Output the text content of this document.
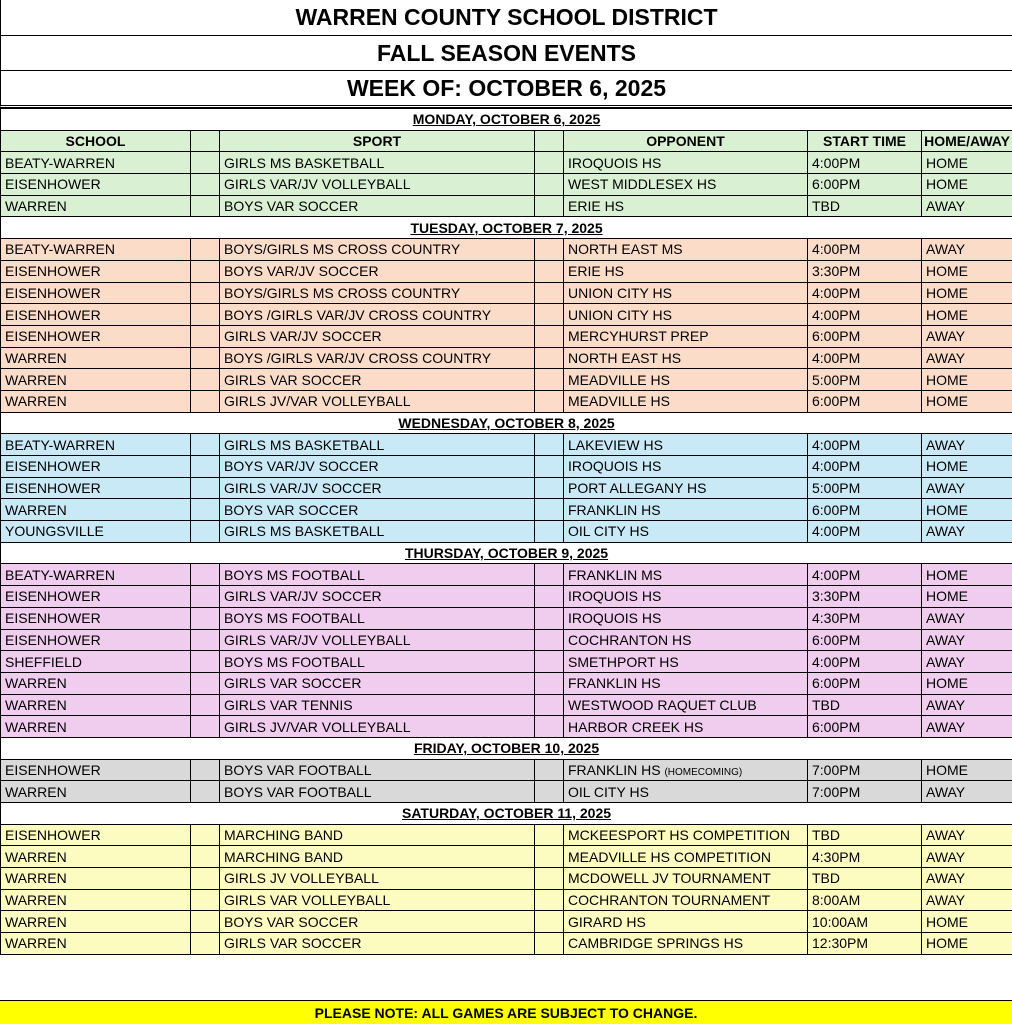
WARREN COUNTY SCHOOL DISTRICT
FALL SEASON EVENTS
WEEK OF: OCTOBER 6, 2025
MONDAY, OCTOBER 6, 2025						
SCHOOL		SPORT		OPPONENT	START TIME	HOME/AWAY
BEATY-WARREN		GIRLS MS BASKETBALL		IROQUOIS HS	4:00PM	HOME
EISENHOWER		GIRLS VAR/JV VOLLEYBALL		WEST MIDDLESEX HS	6:00PM	HOME
WARREN		BOYS VAR SOCCER		ERIE HS	TBD	AWAY
TUESDAY, OCTOBER 7, 2025						
BEATY-WARREN		BOYS/GIRLS MS CROSS COUNTRY		NORTH EAST MS	4:00PM	AWAY
EISENHOWER		BOYS VAR/JV SOCCER		ERIE HS	3:30PM	HOME
EISENHOWER		BOYS/GIRLS MS CROSS COUNTRY		UNION CITY HS	4:00PM	HOME
EISENHOWER		BOYS /GIRLS VAR/JV CROSS COUNTRY		UNION CITY HS	4:00PM	HOME
EISENHOWER		GIRLS VAR/JV SOCCER		MERCYHURST PREP	6:00PM	AWAY
WARREN		BOYS /GIRLS VAR/JV CROSS COUNTRY		NORTH EAST HS	4:00PM	AWAY
WARREN		GIRLS VAR SOCCER		MEADVILLE HS	5:00PM	HOME
WARREN		GIRLS JV/VAR VOLLEYBALL		MEADVILLE HS	6:00PM	HOME
WEDNESDAY, OCTOBER 8, 2025						
BEATY-WARREN		GIRLS MS BASKETBALL		LAKEVIEW HS	4:00PM	AWAY
EISENHOWER		BOYS VAR/JV SOCCER		IROQUOIS HS	4:00PM	HOME
EISENHOWER		GIRLS VAR/JV SOCCER		PORT ALLEGANY HS	5:00PM	AWAY
WARREN		BOYS VAR SOCCER		FRANKLIN HS	6:00PM	HOME
YOUNGSVILLE		GIRLS MS BASKETBALL		OIL CITY HS	4:00PM	AWAY
THURSDAY, OCTOBER 9, 2025						
BEATY-WARREN		BOYS MS FOOTBALL		FRANKLIN MS	4:00PM	HOME
EISENHOWER		GIRLS VAR/JV SOCCER		IROQUOIS HS	3:30PM	HOME
EISENHOWER		BOYS MS FOOTBALL		IROQUOIS HS	4:30PM	AWAY
EISENHOWER		GIRLS VAR/JV VOLLEYBALL		COCHRANTON HS	6:00PM	AWAY
SHEFFIELD		BOYS MS FOOTBALL		SMETHPORT HS	4:00PM	AWAY
WARREN		GIRLS VAR SOCCER		FRANKLIN HS	6:00PM	HOME
WARREN		GIRLS VAR TENNIS		WESTWOOD RAQUET CLUB	TBD	AWAY
WARREN		GIRLS JV/VAR VOLLEYBALL		HARBOR CREEK HS	6:00PM	AWAY
FRIDAY, OCTOBER 10, 2025						
EISENHOWER		BOYS VAR FOOTBALL		FRANKLIN HS (HOMECOMING)	7:00PM	HOME
WARREN		BOYS VAR FOOTBALL		OIL CITY HS	7:00PM	AWAY
SATURDAY, OCTOBER 11, 2025						
EISENHOWER		MARCHING BAND		MCKEESPORT HS COMPETITION	TBD	AWAY
WARREN		MARCHING BAND		MEADVILLE HS COMPETITION	4:30PM	AWAY
WARREN		GIRLS JV VOLLEYBALL		MCDOWELL JV TOURNAMENT	TBD	AWAY
WARREN		GIRLS VAR VOLLEYBALL		COCHRANTON TOURNAMENT	8:00AM	AWAY
WARREN		BOYS VAR SOCCER		GIRARD HS	10:00AM	HOME
WARREN		GIRLS VAR SOCCER		CAMBRIDGE SPRINGS HS	12:30PM	HOME
PLEASE NOTE: ALL GAMES ARE SUBJECT TO CHANGE.
